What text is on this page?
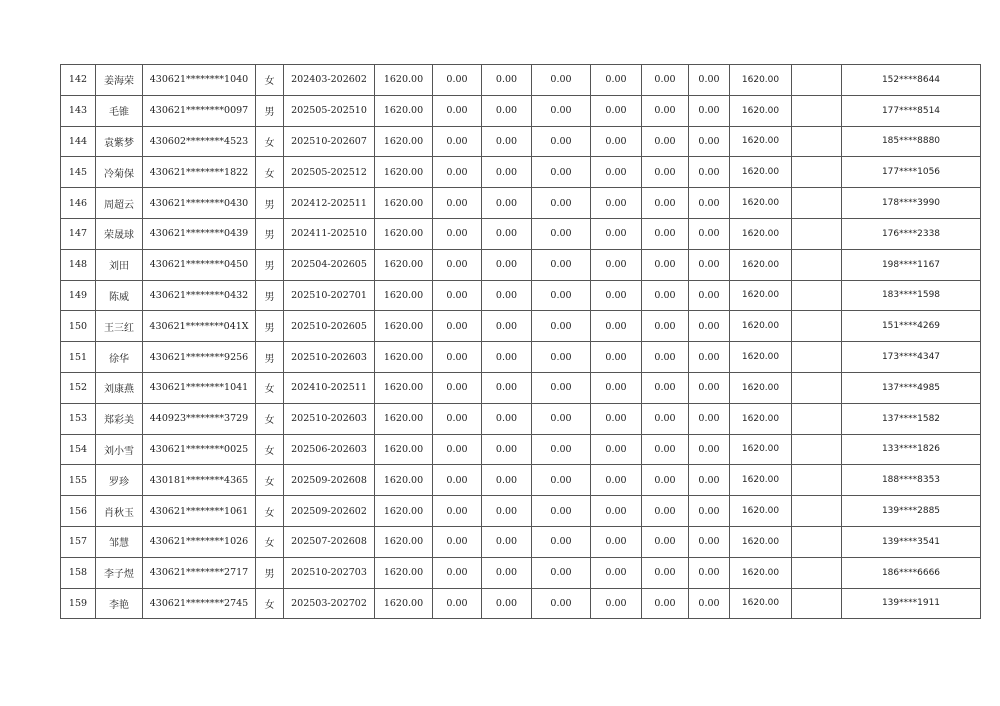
142	姜海荣	430621********1040	女	202403-202602	1620.00	0.00	0.00	0.00	0.00	0.00	0.00	1620.00		152****8644
143	毛锥	430621********0097	男	202505-202510	1620.00	0.00	0.00	0.00	0.00	0.00	0.00	1620.00		177****8514
144	袁紫梦	430602********4523	女	202510-202607	1620.00	0.00	0.00	0.00	0.00	0.00	0.00	1620.00		185****8880
145	冷菊保	430621********1822	女	202505-202512	1620.00	0.00	0.00	0.00	0.00	0.00	0.00	1620.00		177****1056
146	周超云	430621********0430	男	202412-202511	1620.00	0.00	0.00	0.00	0.00	0.00	0.00	1620.00		178****3990
147	荣晟球	430621********0439	男	202411-202510	1620.00	0.00	0.00	0.00	0.00	0.00	0.00	1620.00		176****2338
148	刘田	430621********0450	男	202504-202605	1620.00	0.00	0.00	0.00	0.00	0.00	0.00	1620.00		198****1167
149	陈威	430621********0432	男	202510-202701	1620.00	0.00	0.00	0.00	0.00	0.00	0.00	1620.00		183****1598
150	王三红	430621********041X	男	202510-202605	1620.00	0.00	0.00	0.00	0.00	0.00	0.00	1620.00		151****4269
151	徐华	430621********9256	男	202510-202603	1620.00	0.00	0.00	0.00	0.00	0.00	0.00	1620.00		173****4347
152	刘康燕	430621********1041	女	202410-202511	1620.00	0.00	0.00	0.00	0.00	0.00	0.00	1620.00		137****4985
153	郑彩美	440923********3729	女	202510-202603	1620.00	0.00	0.00	0.00	0.00	0.00	0.00	1620.00		137****1582
154	刘小雪	430621********0025	女	202506-202603	1620.00	0.00	0.00	0.00	0.00	0.00	0.00	1620.00		133****1826
155	罗珍	430181********4365	女	202509-202608	1620.00	0.00	0.00	0.00	0.00	0.00	0.00	1620.00		188****8353
156	肖秋玉	430621********1061	女	202509-202602	1620.00	0.00	0.00	0.00	0.00	0.00	0.00	1620.00		139****2885
157	邹慧	430621********1026	女	202507-202608	1620.00	0.00	0.00	0.00	0.00	0.00	0.00	1620.00		139****3541
158	李子煜	430621********2717	男	202510-202703	1620.00	0.00	0.00	0.00	0.00	0.00	0.00	1620.00		186****6666
159	李艳	430621********2745	女	202503-202702	1620.00	0.00	0.00	0.00	0.00	0.00	0.00	1620.00		139****1911
